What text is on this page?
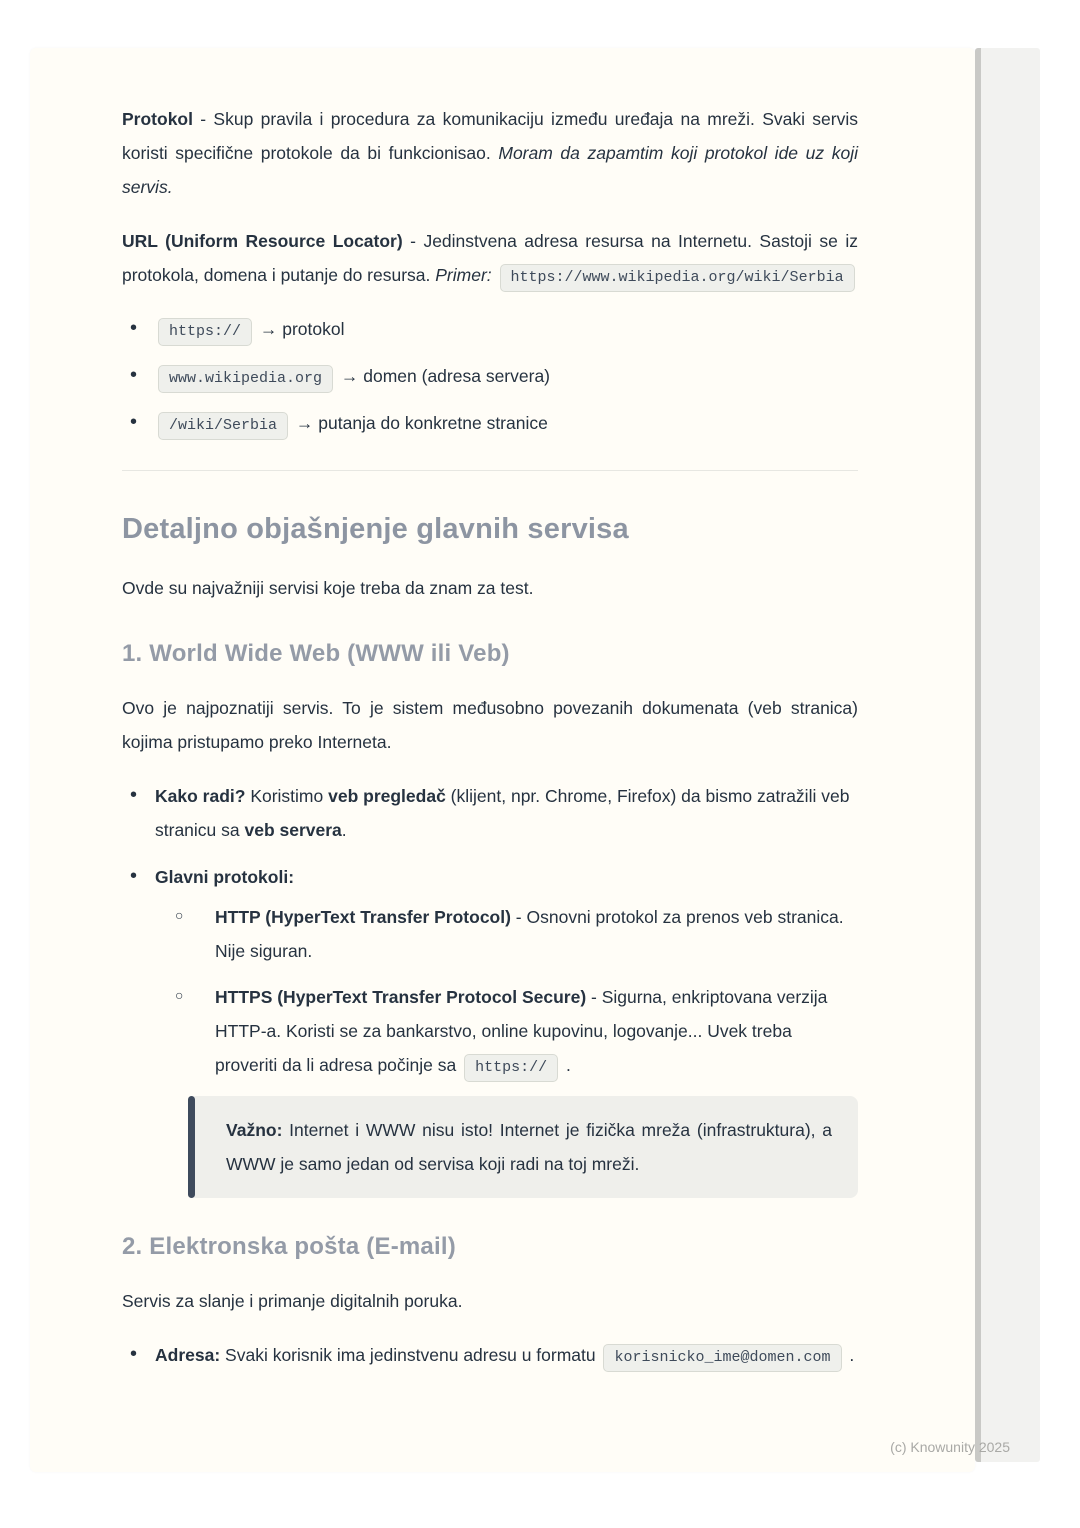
Protokol - Skup pravila i procedura za komunikaciju između uređaja na mreži. Svaki servis koristi specifične protokole da bi funkcionisao. Moram da zapamtim koji protokol ide uz koji servis.

URL (Uniform Resource Locator) - Jedinstvena adresa resursa na Internetu. Sastoji se iz protokola, domena i putanje do resursa. Primer: https://www.wikipedia.org/wiki/Serbia

• https:// → protokol
• www.wikipedia.org → domen (adresa servera)
• /wiki/Serbia → putanja do konkretne stranice
Detaljno objašnjenje glavnih servisa

Ovde su najvažniji servisi koje treba da znam za test.

1. World Wide Web (WWW ili Veb)

Ovo je najpoznatiji servis. To je sistem međusobno povezanih dokumenata (veb stranica) kojima pristupamo preko Interneta.

• Kako radi? Koristimo veb pregledač (klijent, npr. Chrome, Firefox) da bismo zatražili veb stranicu sa veb servera.
• Glavni protokoli:
○ HTTP (HyperText Transfer Protocol) - Osnovni protokol za prenos veb stranica. Nije siguran.
○ HTTPS (HyperText Transfer Protocol Secure) - Sigurna, enkriptovana verzija HTTP-a. Koristi se za bankarstvo, online kupovinu, logovanje... Uvek treba proveriti da li adresa počinje sa https:// .

Važno: Internet i WWW nisu isto! Internet je fizička mreža (infrastruktura), a WWW je samo jedan od servisa koji radi na toj mreži.

2. Elektronska pošta (E-mail)

Servis za slanje i primanje digitalnih poruka.

• Adresa: Svaki korisnik ima jedinstvenu adresu u formatu korisnicko_ime@domen.com .
(c) Knowunity 2025
